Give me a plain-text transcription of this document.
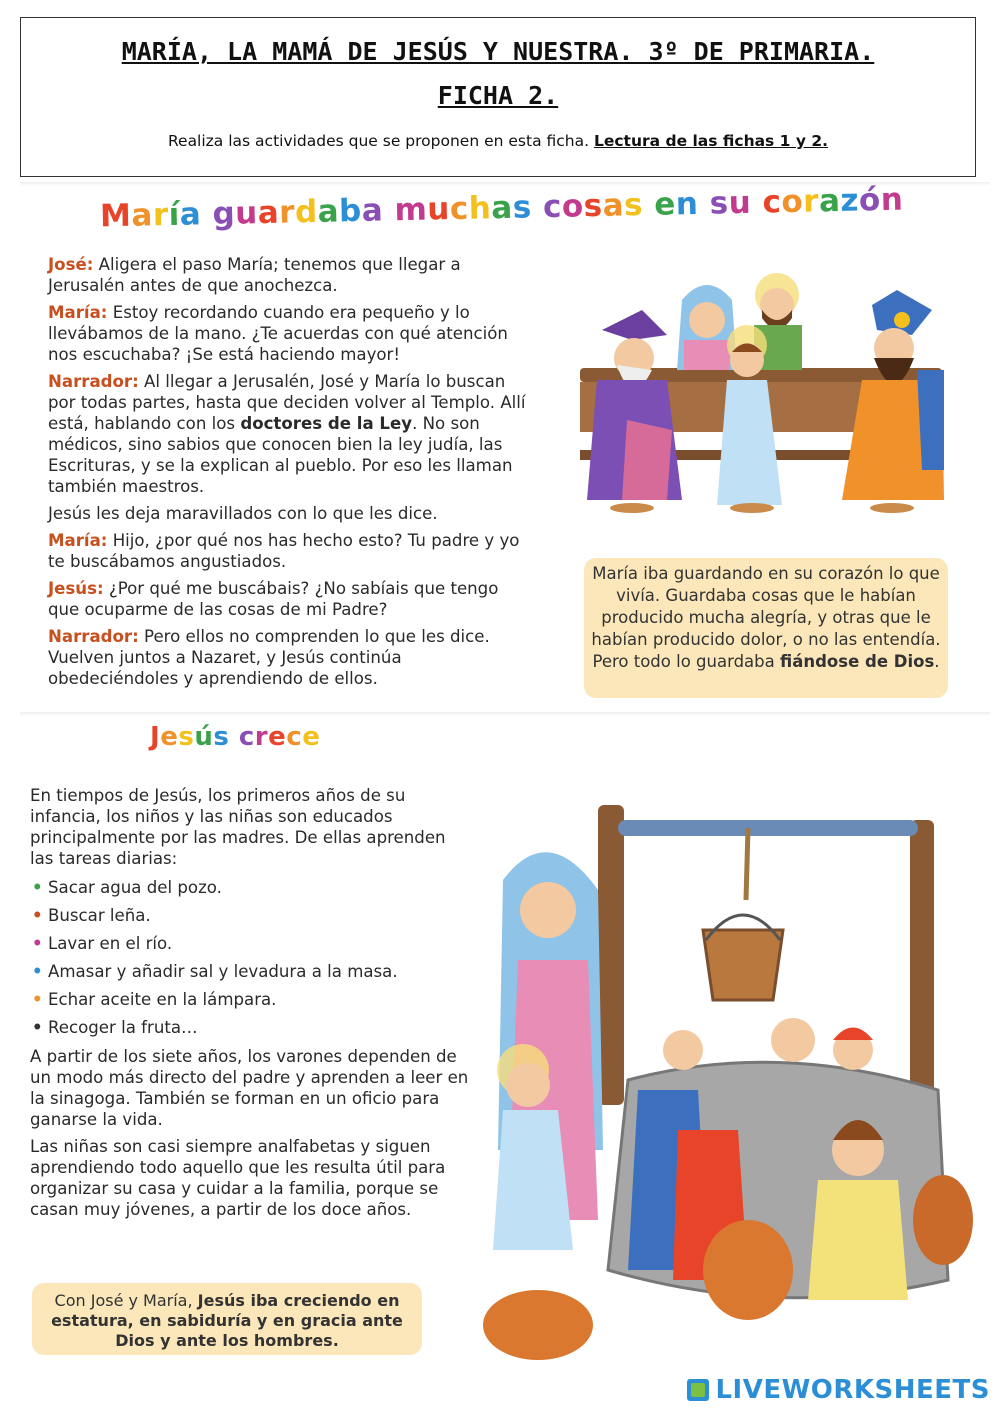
MARÍA, LA MAMÁ DE JESÚS Y NUESTRA. 3º DE PRIMARIA. FICHA 2.
Realiza las actividades que se proponen en esta ficha. Lectura de las fichas 1 y 2.
María guardaba muchas cosas en su corazón

José: Aligera el paso María; tenemos que llegar a Jerusalén antes de que anochezca.

María: Estoy recordando cuando era pequeño y lo llevábamos de la mano. ¿Te acuerdas con qué atención nos escuchaba? ¡Se está haciendo mayor!

Narrador: Al llegar a Jerusalén, José y María lo buscan por todas partes, hasta que deciden volver al Templo. Allí está, hablando con los doctores de la Ley. No son médicos, sino sabios que conocen bien la ley judía, las Escrituras, y se la explican al pueblo. Por eso les llaman también maestros.

Jesús les deja maravillados con lo que les dice.

María: Hijo, ¿por qué nos has hecho esto? Tu padre y yo te buscábamos angustiados.

Jesús: ¿Por qué me buscábais? ¿No sabíais que tengo que ocuparme de las cosas de mi Padre?

Narrador: Pero ellos no comprenden lo que les dice. Vuelven juntos a Nazaret, y Jesús continúa obedeciéndoles y aprendiendo de ellos.

María iba guardando en su corazón lo que vivía. Guardaba cosas que le habían producido mucha alegría, y otras que le habían producido dolor, o no las entendía. Pero todo lo guardaba fiándose de Dios.
Jesús crece

En tiempos de Jesús, los primeros años de su infancia, los niños y las niñas son educados principalmente por las madres. De ellas aprenden las tareas diarias:

• Sacar agua del pozo.
• Buscar leña.
• Lavar en el río.
• Amasar y añadir sal y levadura a la masa.
• Echar aceite en la lámpara.
• Recoger la fruta…

A partir de los siete años, los varones dependen de un modo más directo del padre y aprenden a leer en la sinagoga. También se forman en un oficio para ganarse la vida.

Las niñas son casi siempre analfabetas y siguen aprendiendo todo aquello que les resulta útil para organizar su casa y cuidar a la familia, porque se casan muy jóvenes, a partir de los doce años.

Con José y María, Jesús iba creciendo en estatura, en sabiduría y en gracia ante Dios y ante los hombres.
LIVEWORKSHEETS
